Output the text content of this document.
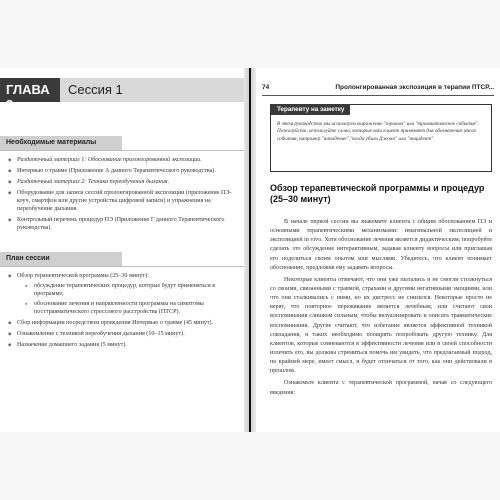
ГЛАВА 3
Сессия 1
Необходимые материалы
◆ Раздаточный материал 1: Обоснование пролонгированной экспозиции.
◆ Интервью о травме (Приложение А данного Терапевтического руководства).
◆ Раздаточный материал 2: Техника переобучения дыхания.
◆ Оборудование для записи сессий пролонгированной экспозиции (приложение ПЭ-коуч, смартфон или другие устройства цифровой записи) и упражнения на переобучение дыхания.
◆ Контрольный перечень процедур ПЭ (Приложение Г данного Терапевтического руководства).
План сессии
◆ Обзор терапевтической программы (25–30 минут):
● обсуждение терапевтических процедур, которые будут применяться в программе;
● обоснование лечения и направленности программы на симптомы посттравматического стрессового расстройства (ПТСР).
◆ Сбор информации посредством проведения Интервью о травме (45 минут).
◆ Ознакомление с техникой переобучения дыхания (10–15 минут).
◆ Назначение домашнего задания (5 минут).
74	Пролонгированная экспозиция в терапии ПТСР...
Терапевту на заметку
В этом руководстве мы используем выражение "травма" или "травматическое событие". Пожалуйста, используйте слова, которые ваш клиент применяет для обозначения этого события, например "нападение","когда убили Джона" или "инцидент".
Обзор терапевтической программы и процедур (25–30 минут)

В начале первой сессии вы знакомите клиента с общим обоснованием ПЭ и основными терапевтическими механизмами: имагинальной экспозицией и экспозицией in vivo. Хотя обоснование лечения является дидактическим, попробуйте сделать это обсуждение интерактивным, задавая клиенту вопросы или приглашая его поделиться своим опытом или мыслями. Убедитесь, что клиент понимает обоснование, предложив ему задавать вопросы.

Некоторые клиенты отмечают, что они уже пытались и не смогли столкнуться со своими, связанными с травмой, страхами и другими негативными эмоциями, или что они сталкивались с ними, но их дистресс не снизился. Некоторые просто не верят, что повторное переживание является лечебным, или считают свои воспоминания слишком сильным, чтобы визуализировать и описать травматические воспоминания. Другие считают, что избегание является эффективной техникой совладания, и таких необходимо поощрять попробовать другую технику. Для клиентов, которые сомневаются в эффективности лечения или в своей способности излечить его, вы должны стремиться помочь им увидеть, что предлагаемый подход, по крайней мере, имеет смысл, и будет отличаться от того, как они действовали в прошлом.

Ознакомьте клиента с терапевтической программой, начав со следующего введения:
